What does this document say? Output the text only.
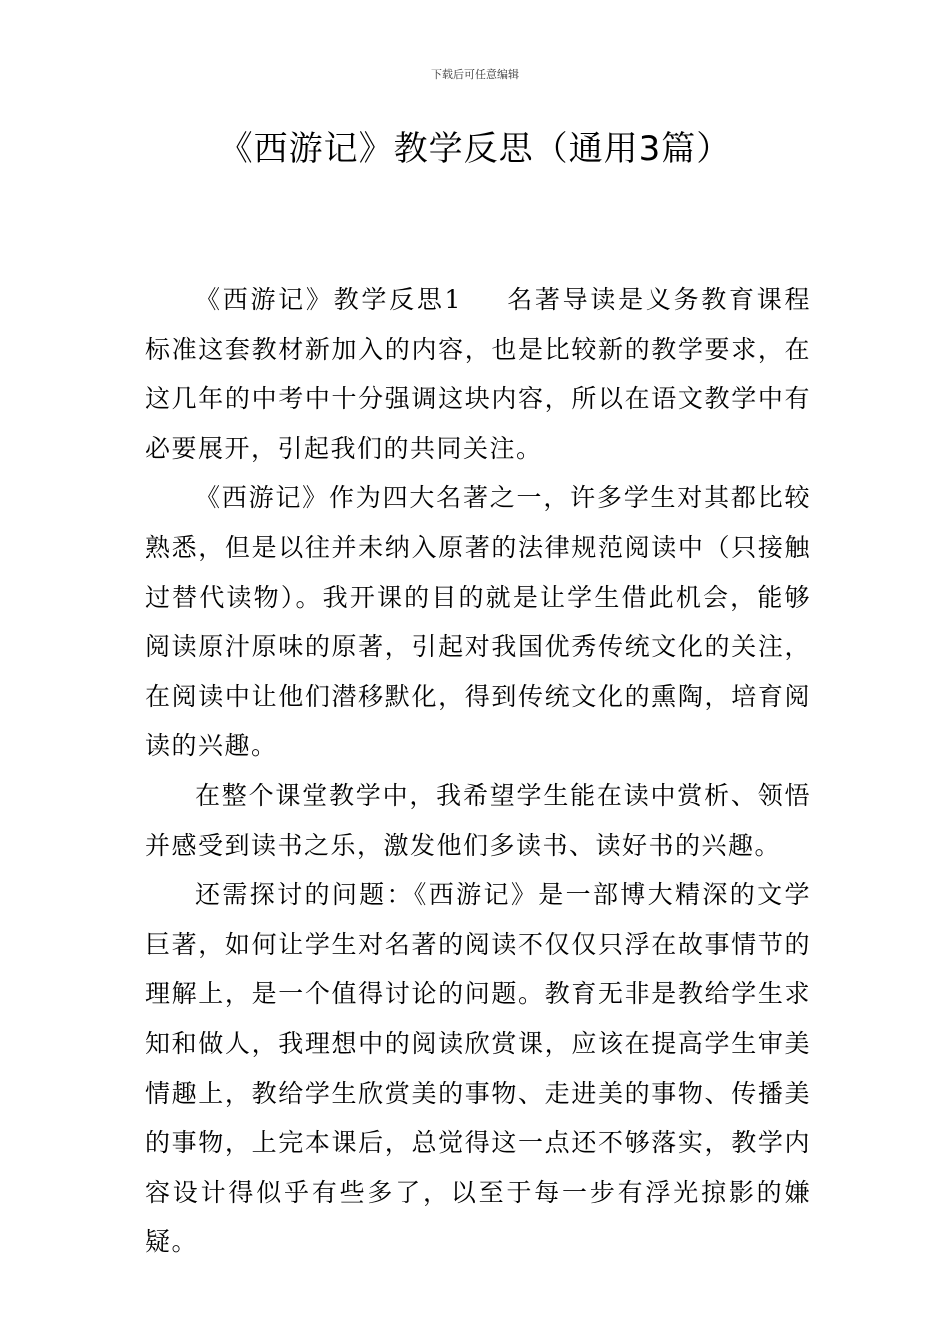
下载后可任意编辑
《西游记》教学反思（通用3篇）

《西游记》教学反思1 名著导读是义务教育课程标准这套教材新加入的内容，也是比较新的教学要求，在这几年的中考中十分强调这块内容，所以在语文教学中有必要展开，引起我们的共同关注。

《西游记》作为四大名著之一，许多学生对其都比较熟悉，但是以往并未纳入原著的法律规范阅读中（只接触过替代读物）。我开课的目的就是让学生借此机会，能够阅读原汁原味的原著，引起对我国优秀传统文化的关注，在阅读中让他们潜移默化，得到传统文化的熏陶，培育阅读的兴趣。

在整个课堂教学中，我希望学生能在读中赏析、领悟并感受到读书之乐，激发他们多读书、读好书的兴趣。

还需探讨的问题：《西游记》是一部博大精深的文学巨著，如何让学生对名著的阅读不仅仅只浮在故事情节的理解上，是一个值得讨论的问题。教育无非是教给学生求知和做人，我理想中的阅读欣赏课，应该在提高学生审美情趣上，教给学生欣赏美的事物、走进美的事物、传播美的事物，上完本课后，总觉得这一点还不够落实，教学内容设计得似乎有些多了，以至于每一步有浮光掠影的嫌疑。
